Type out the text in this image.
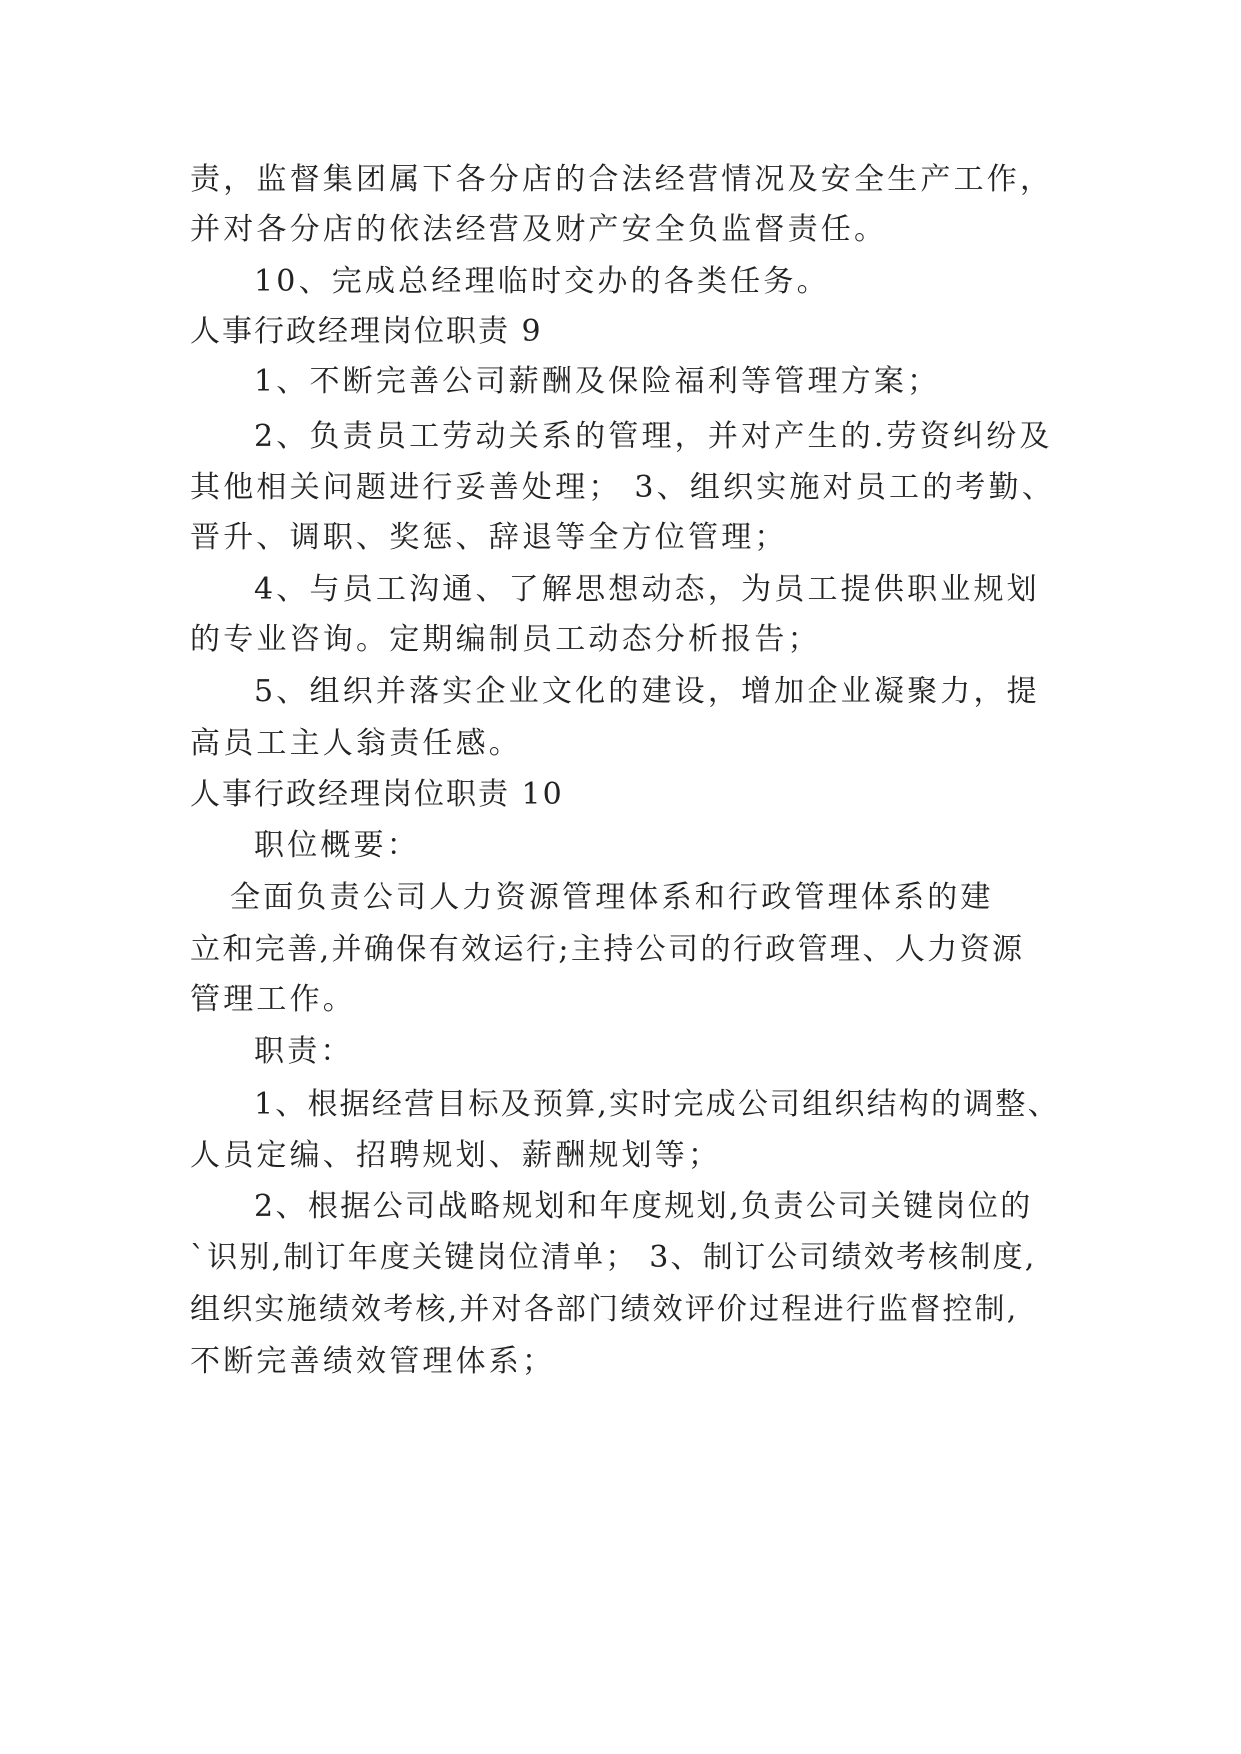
责，监督集团属下各分店的合法经营情况及安全生产工作，
并对各分店的依法经营及财产安全负监督责任。
10、完成总经理临时交办的各类任务。
人事行政经理岗位职责 9
1、不断完善公司薪酬及保险福利等管理方案；
2、负责员工劳动关系的管理，并对产生的.劳资纠纷及
其他相关问题进行妥善处理； 3、组织实施对员工的考勤、
晋升、调职、奖惩、辞退等全方位管理；
4、与员工沟通、了解思想动态，为员工提供职业规划
的专业咨询。定期编制员工动态分析报告；
5、组织并落实企业文化的建设，增加企业凝聚力，提
高员工主人翁责任感。
人事行政经理岗位职责 10
职位概要：
全面负责公司人力资源管理体系和行政管理体系的建
立和完善,并确保有效运行;主持公司的行政管理、人力资源
管理工作。
职责：
1、根据经营目标及预算,实时完成公司组织结构的调整、
人员定编、招聘规划、薪酬规划等；
2、根据公司战略规划和年度规划,负责公司关键岗位的
`识别,制订年度关键岗位清单； 3、制订公司绩效考核制度,
组织实施绩效考核,并对各部门绩效评价过程进行监督控制,
不断完善绩效管理体系；
